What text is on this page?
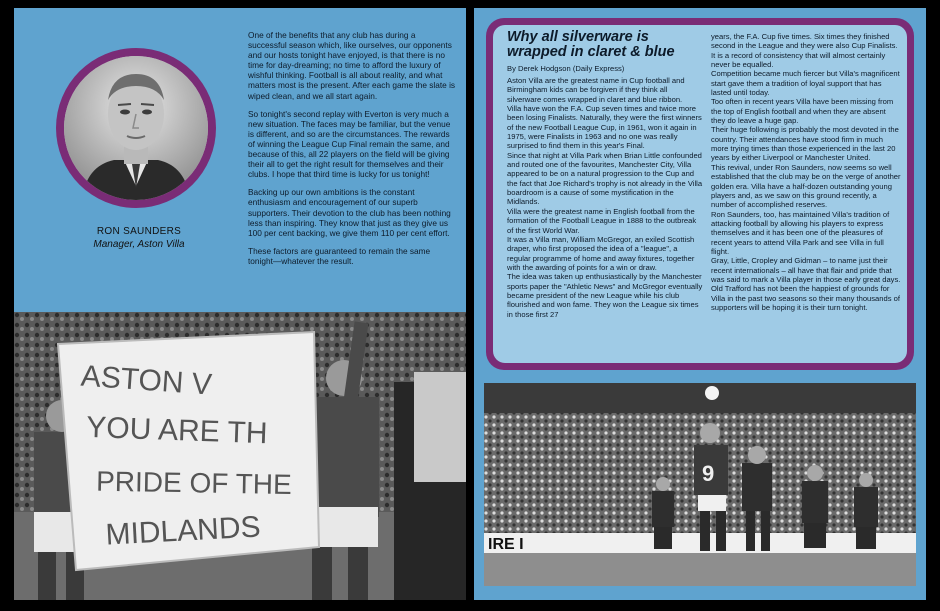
RON SAUNDERS
Manager, Aston Villa

One of the benefits that any club has during a successful season which, like ourselves, our opponents and our hosts tonight have enjoyed, is that there is no time for day-dreaming; no time to afford the luxury of wishful thinking. Football is all about reality, and what matters most is the present. After each game the slate is wiped clean, and we all start again.

So tonight's second replay with Everton is very much a new situation. The faces may be familiar, but the venue is different, and so are the circumstances. The rewards of winning the League Cup Final remain the same, and because of this, all 22 players on the field will be giving their all to get the right result for themselves and their clubs. I hope that third time is lucky for us tonight!

Backing up our own ambitions is the constant enthusiasm and encouragement of our superb supporters. Their devotion to the club has been nothing less than inspiring. They know that just as they give us 100 per cent backing, we give them 110 per cent effort.

These factors are guaranteed to remain the same tonight—whatever the result.

ASTON V
YOU ARE TH
PRIDE OF THE
MIDLANDS
Why all silverware is wrapped in claret & blue
By Derek Hodgson (Daily Express)

Aston Villa are the greatest name in Cup football and Birmingham kids can be forgiven if they think all silverware comes wrapped in claret and blue ribbon.

Villa have won the F.A. Cup seven times and twice more been losing Finalists. Naturally, they were the first winners of the new Football League Cup, in 1961, won it again in 1975, were Finalists in 1963 and no one was really surprised to find them in this year's Final.

Since that night at Villa Park when Brian Little confounded and routed one of the favourites, Manchester City, Villa appeared to be on a natural progression to the Cup and the fact that Joe Richard's trophy is not already in the Villa boardroom is a cause of some mystification in the Midlands.

Villa were the greatest name in English football from the formation of the Football League in 1888 to the outbreak of the first World War.

It was a Villa man, William McGregor, an exiled Scottish draper, who first proposed the idea of a "league", a regular programme of home and away fixtures, together with the awarding of points for a win or draw.

The idea was taken up enthusiastically by the Manchester sports paper the "Athletic News" and McGregor eventually became president of the new League while his club flourished and won fame. They won the League six times in those first 27

years, the F.A. Cup five times. Six times they finished second in the League and they were also Cup Finalists.

It is a record of consistency that will almost certainly never be equalled.

Competition became much fiercer but Villa's magnificent start gave them a tradition of loyal support that has lasted until today.

Too often in recent years Villa have been missing from the top of English football and when they are absent they do leave a huge gap.

Their huge following is probably the most devoted in the country. Their attendances have stood firm in much more trying times than those experienced in the last 20 years by either Liverpool or Manchester United.

This revival, under Ron Saunders, now seems so well established that the club may be on the verge of another golden era. Villa have a half-dozen outstanding young players and, as we saw on this ground recently, a number of accomplished reserves.

Ron Saunders, too, has maintained Villa's tradition of attacking football by allowing his players to express themselves and it has been one of the pleasures of recent years to attend Villa Park and see Villa in full flight.

Gray, Little, Cropley and Gidman – to name just their recent internationals – all have that flair and pride that was said to mark a Villa player in those early great days.

Old Trafford has not been the happiest of grounds for Villa in the past two seasons so their many thousands of supporters will be hoping it is their turn tonight.

IRE I
9
